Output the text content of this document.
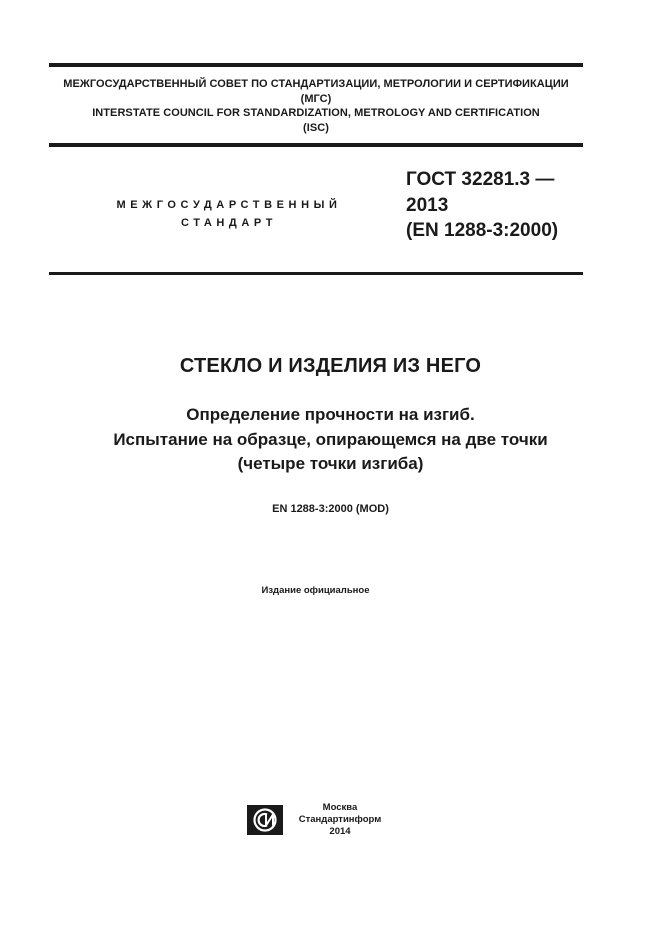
МЕЖГОСУДАРСТВЕННЫЙ СОВЕТ ПО СТАНДАРТИЗАЦИИ, МЕТРОЛОГИИ И СЕРТИФИКАЦИИ
(МГС)
INTERSTATE COUNCIL FOR STANDARDIZATION, METROLOGY AND CERTIFICATION
(ISC)
МЕЖГОСУДАРСТВЕННЫЙ
СТАНДАРТ
ГОСТ 32281.3 —
2013
(EN 1288-3:2000)
СТЕКЛО И ИЗДЕЛИЯ ИЗ НЕГО
Определение прочности на изгиб.
Испытание на образце, опирающемся на две точки
(четыре точки изгиба)
EN 1288-3:2000 (MOD)
Издание официальное
Москва
Стандартинформ
2014
